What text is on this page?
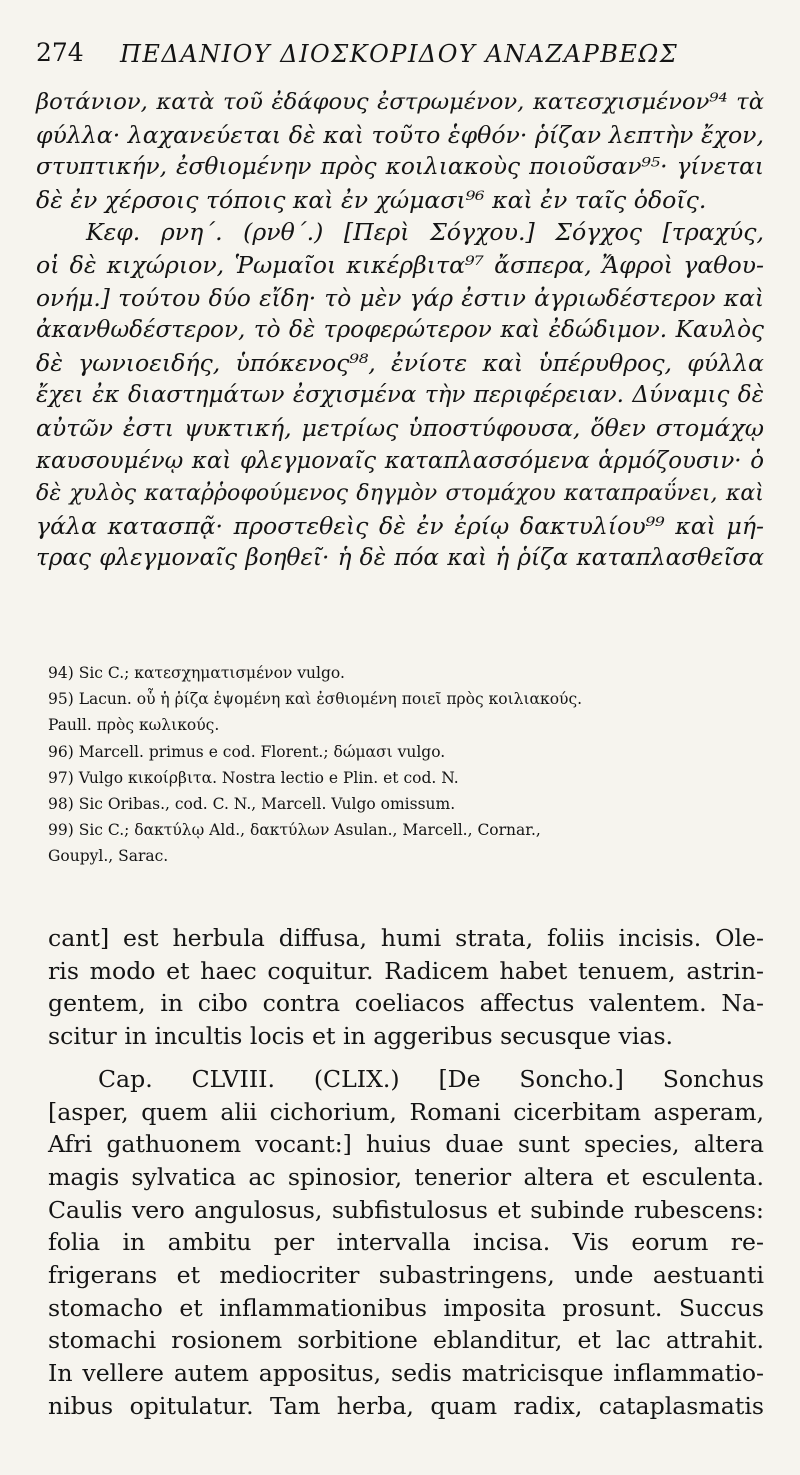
274 ΠΕΔΑΝΙΟΥ ΔΙΟΣΚΟΡΙΔΟΥ ΑΝΑΖΑΡΒΕΩΣ
βοτάνιον, κατὰ τοῦ ἐδάφους ἐστρωμένον, κατεσχισμένον⁹⁴ τὰ
φύλλα· λαχανεύεται δὲ καὶ τοῦτο ἑφθόν· ῥίζαν λεπτὴν ἔχον,
στυπτικήν, ἐσθιομένην πρὸς κοιλιακοὺς ποιοῦσαν⁹⁵· γίνεται
δὲ ἐν χέρσοις τόποις καὶ ἐν χώμασι⁹⁶ καὶ ἐν ταῖς ὁδοῖς.
Κεφ. ρνη΄. (ρνθ΄.) [Περὶ Σόγχου.] Σόγχος [τραχύς,
οἱ δὲ κιχώριον, Ῥωμαῖοι κικέρβιτα⁹⁷ ἄσπερα, Ἄφροὶ γαθου-
ονήμ.] τούτου δύο εἴδη· τὸ μὲν γάρ ἐστιν ἀγριωδέστερον καὶ
ἀκανθωδέστερον, τὸ δὲ τροφερώτερον καὶ ἐδώδιμον. Καυλὸς
δὲ γωνιοειδής, ὑπόκενος⁹⁸, ἐνίοτε καὶ ὑπέρυθρος, φύλλα
ἔχει ἐκ διαστημάτων ἐσχισμένα τὴν περιφέρειαν. Δύναμις δὲ
αὐτῶν ἐστι ψυκτική, μετρίως ὑποστύφουσα, ὅθεν στομάχῳ
καυσουμένῳ καὶ φλεγμοναῖς καταπλασσόμενα ἁρμόζουσιν· ὁ
δὲ χυλὸς καταῤῥοφούμενος δηγμὸν στομάχου καταπραΰνει, καὶ
γάλα κατασπᾷ· προστεθεὶς δὲ ἐν ἐρίῳ δακτυλίου⁹⁹ καὶ μή-
τρας φλεγμοναῖς βοηθεῖ· ἡ δὲ πόα καὶ ἡ ῥίζα καταπλασθεῖσα
94) Sic C.; κατεσχηματισμένον vulgo.
95) Lacun. οὗ ἡ ῥίζα ἑψομένη καὶ ἐσθιομένη ποιεῖ πρὸς κοιλιακούς.
Paull. πρὸς κωλικούς.
96) Marcell. primus e cod. Florent.; δώμασι vulgo.
97) Vulgo κικοίρβιτα. Nostra lectio e Plin. et cod. N.
98) Sic Oribas., cod. C. N., Marcell. Vulgo omissum.
99) Sic C.; δακτύλῳ Ald., δακτύλων Asulan., Marcell., Cornar.,
Goupyl., Sarac.
cant] est herbula diffusa, humi strata, foliis incisis. Ole-
ris modo et haec coquitur. Radicem habet tenuem, astrin-
gentem, in cibo contra coeliacos affectus valentem. Na-
scitur in incultis locis et in aggeribus secusque vias.
Cap. CLVIII. (CLIX.) [De Soncho.] Sonchus
[asper, quem alii cichorium, Romani cicerbitam asperam,
Afri gathuonem vocant:] huius duae sunt species, altera
magis sylvatica ac spinosior, tenerior altera et esculenta.
Caulis vero angulosus, subfistulosus et subinde rubescens:
folia in ambitu per intervalla incisa. Vis eorum re-
frigerans et mediocriter subastringens, unde aestuanti
stomacho et inflammationibus imposita prosunt. Succus
stomachi rosionem sorbitione eblanditur, et lac attrahit.
In vellere autem appositus, sedis matricisque inflammatio-
nibus opitulatur. Tam herba, quam radix, cataplasmatis
